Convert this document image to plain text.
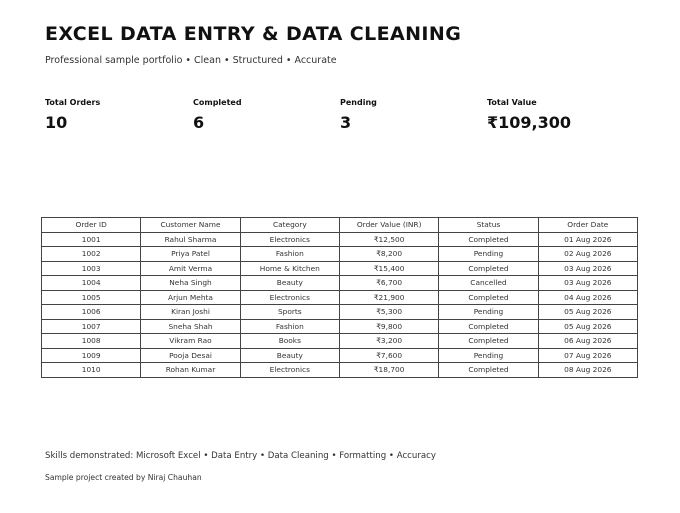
EXCEL DATA ENTRY & DATA CLEANING
Professional sample portfolio • Clean • Structured • Accurate
Total Orders
10
Completed
6
Pending
3
Total Value
₹109,300
Order ID	Customer Name	Category	Order Value (INR)	Status	Order Date
1001	Rahul Sharma	Electronics	₹12,500	Completed	01 Aug 2026
1002	Priya Patel	Fashion	₹8,200	Pending	02 Aug 2026
1003	Amit Verma	Home & Kitchen	₹15,400	Completed	03 Aug 2026
1004	Neha Singh	Beauty	₹6,700	Cancelled	03 Aug 2026
1005	Arjun Mehta	Electronics	₹21,900	Completed	04 Aug 2026
1006	Kiran Joshi	Sports	₹5,300	Pending	05 Aug 2026
1007	Sneha Shah	Fashion	₹9,800	Completed	05 Aug 2026
1008	Vikram Rao	Books	₹3,200	Completed	06 Aug 2026
1009	Pooja Desai	Beauty	₹7,600	Pending	07 Aug 2026
1010	Rohan Kumar	Electronics	₹18,700	Completed	08 Aug 2026
Skills demonstrated: Microsoft Excel • Data Entry • Data Cleaning • Formatting • Accuracy
Sample project created by Niraj Chauhan
